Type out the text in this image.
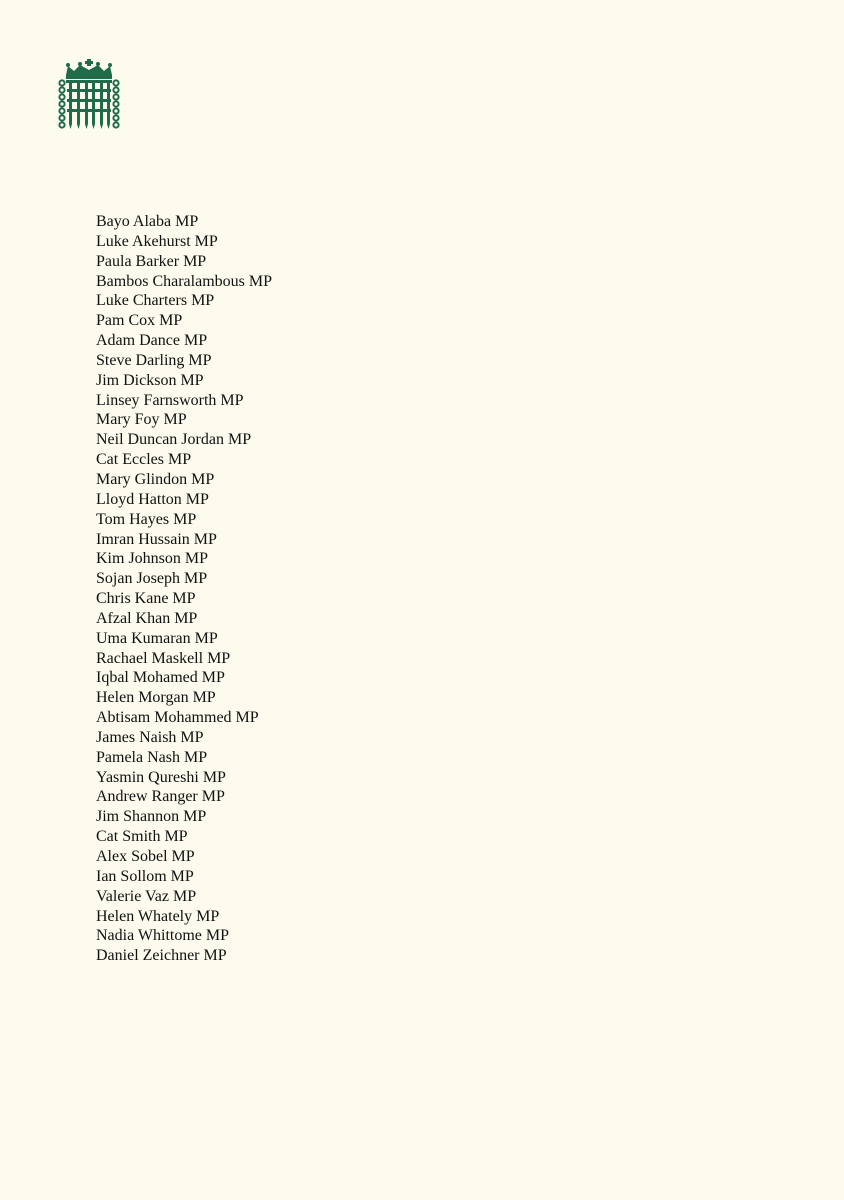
Bayo Alaba MP
Luke Akehurst MP
Paula Barker MP
Bambos Charalambous MP
Luke Charters MP
Pam Cox MP
Adam Dance MP
Steve Darling MP
Jim Dickson MP
Linsey Farnsworth MP
Mary Foy MP
Neil Duncan Jordan MP
Cat Eccles MP
Mary Glindon MP
Lloyd Hatton MP
Tom Hayes MP
Imran Hussain MP
Kim Johnson MP
Sojan Joseph MP
Chris Kane MP
Afzal Khan MP
Uma Kumaran MP
Rachael Maskell MP
Iqbal Mohamed MP
Helen Morgan MP
Abtisam Mohammed MP
James Naish MP
Pamela Nash MP
Yasmin Qureshi MP
Andrew Ranger MP
Jim Shannon MP
Cat Smith MP
Alex Sobel MP
Ian Sollom MP
Valerie Vaz MP
Helen Whately MP
Nadia Whittome MP
Daniel Zeichner MP
